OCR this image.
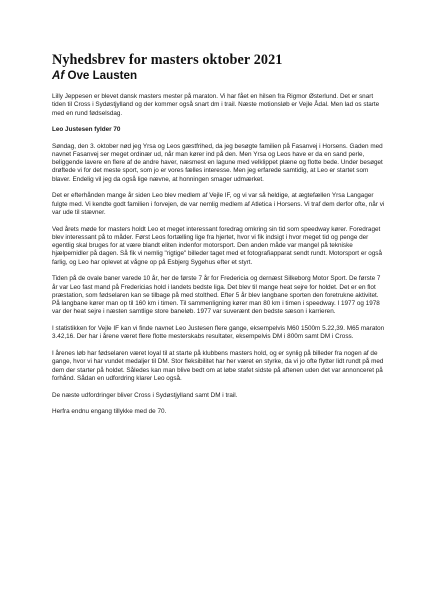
Nyhedsbrev for masters oktober 2021
Af Ove Lausten

Lilly Jeppesen er blevet dansk masters mester på maraton. Vi har fået en hilsen fra Rigmor Østerlund. Det er snart tiden til Cross i Sydøstjylland og der kommer også snart dm i trail. Næste motionsløb er Vejle Ådal. Men lad os starte med en rund fødselsdag.

Leo Justesen fylder 70

Søndag, den 3. oktober nød jeg Yrsa og Leos gæstfrihed, da jeg besøgte familien på Fasanvej i Horsens. Gaden med navnet Fasanvej ser meget ordinær ud, når man kører ind på den. Men Yrsa og Leos have er da en sand perle, beliggende lavere en flere af de andre haver, næsmest en lagune med velklippet plæne og flotte bede. Under besøget drøftede vi for det meste sport, som jo er vores fælles interesse. Men jeg erfarede samtidig, at Leo er startet som blaver. Endelig vil jeg da også lige nævne, at honningen smager udmærket.

Det er efterhånden mange år siden Leo blev medlem af Vejle IF, og vi var så heldige, at ægtefællen Yrsa Langager fulgte med. Vi kendte godt familien i forvejen, de var nemlig medlem af Atletica i Horsens. Vi traf dem derfor ofte, når vi var ude til stævner.

Ved årets møde for masters holdt Leo et meget interessant foredrag omkring sin tid som speedway kører. Foredraget blev interessant på to måder. Først Leos fortælling lige fra hjertet, hvor vi fik indsigt i hvor meget tid og penge der egentlig skal bruges for at være blandt eliten indenfor motorsport. Den anden måde var mangel på tekniske hjælpemidler på dagen. Så fik vi nemlig "rigtige" billeder taget med et fotografiapparat sendt rundt. Motorsport er også farlig, og Leo har oplevet at vågne op på Esbjerg Sygehus efter et styrt.

Tiden på de ovale baner varede 10 år, her de første 7 år for Fredericia og dernæst Silkeborg Motor Sport. De første 7 år var Leo fast mand på Fredericias hold i landets bedste liga. Det blev til mange heat sejre for holdet. Det er en flot præstation, som fødselaren kan se tilbage på med stolthed. Efter 5 år blev langbane sporten den foretrukne aktivitet. På langbane kører man op til 160 km i timen. Til sammenligning kører man 80 km i timen i speedway. I 1977 og 1978 var der heat sejre i næsten samtlige store baneløb. 1977 var suverænt den bedste sæson i karrieren.

I statistikken for Vejle IF kan vi finde navnet Leo Justesen flere gange, eksempelvis M60 1500m 5.22,39. M65 maraton 3.42,16. Der har i årene været flere flotte mesterskabs resultater, eksempelvis DM i 800m samt DM i Cross.

I årenes løb har fødselaren været loyal til at starte på klubbens masters hold, og er synlig på billeder fra nogen af de gange, hvor vi har vundet medaljer til DM. Stor fleksibilitet har her været en styrke, da vi jo ofte flytter lidt rundt på med dem der starter på holdet. Således kan man blive bedt om at løbe stafet sidste på aftenen uden det var annonceret på forhånd. Sådan en udfordring klarer Leo også.

De næste udfordringer bliver Cross i Sydøstjylland samt DM i trail.

Herfra endnu engang tillykke med de 70.
